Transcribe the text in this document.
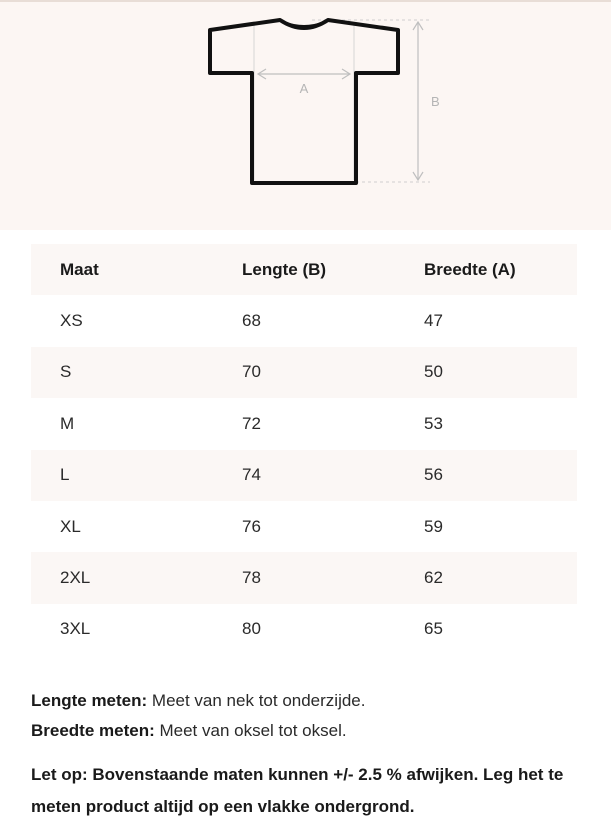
A
B
Maat	Lengte (B)	Breedte (A)
XS	68	47
S	70	50
M	72	53
L	74	56
XL	76	59
2XL	78	62
3XL	80	65

Lengte meten: Meet van nek tot onderzijde.

Breedte meten: Meet van oksel tot oksel.

Let op: Bovenstaande maten kunnen +/- 2.5 % afwijken. Leg het te meten product altijd op een vlakke ondergrond.
